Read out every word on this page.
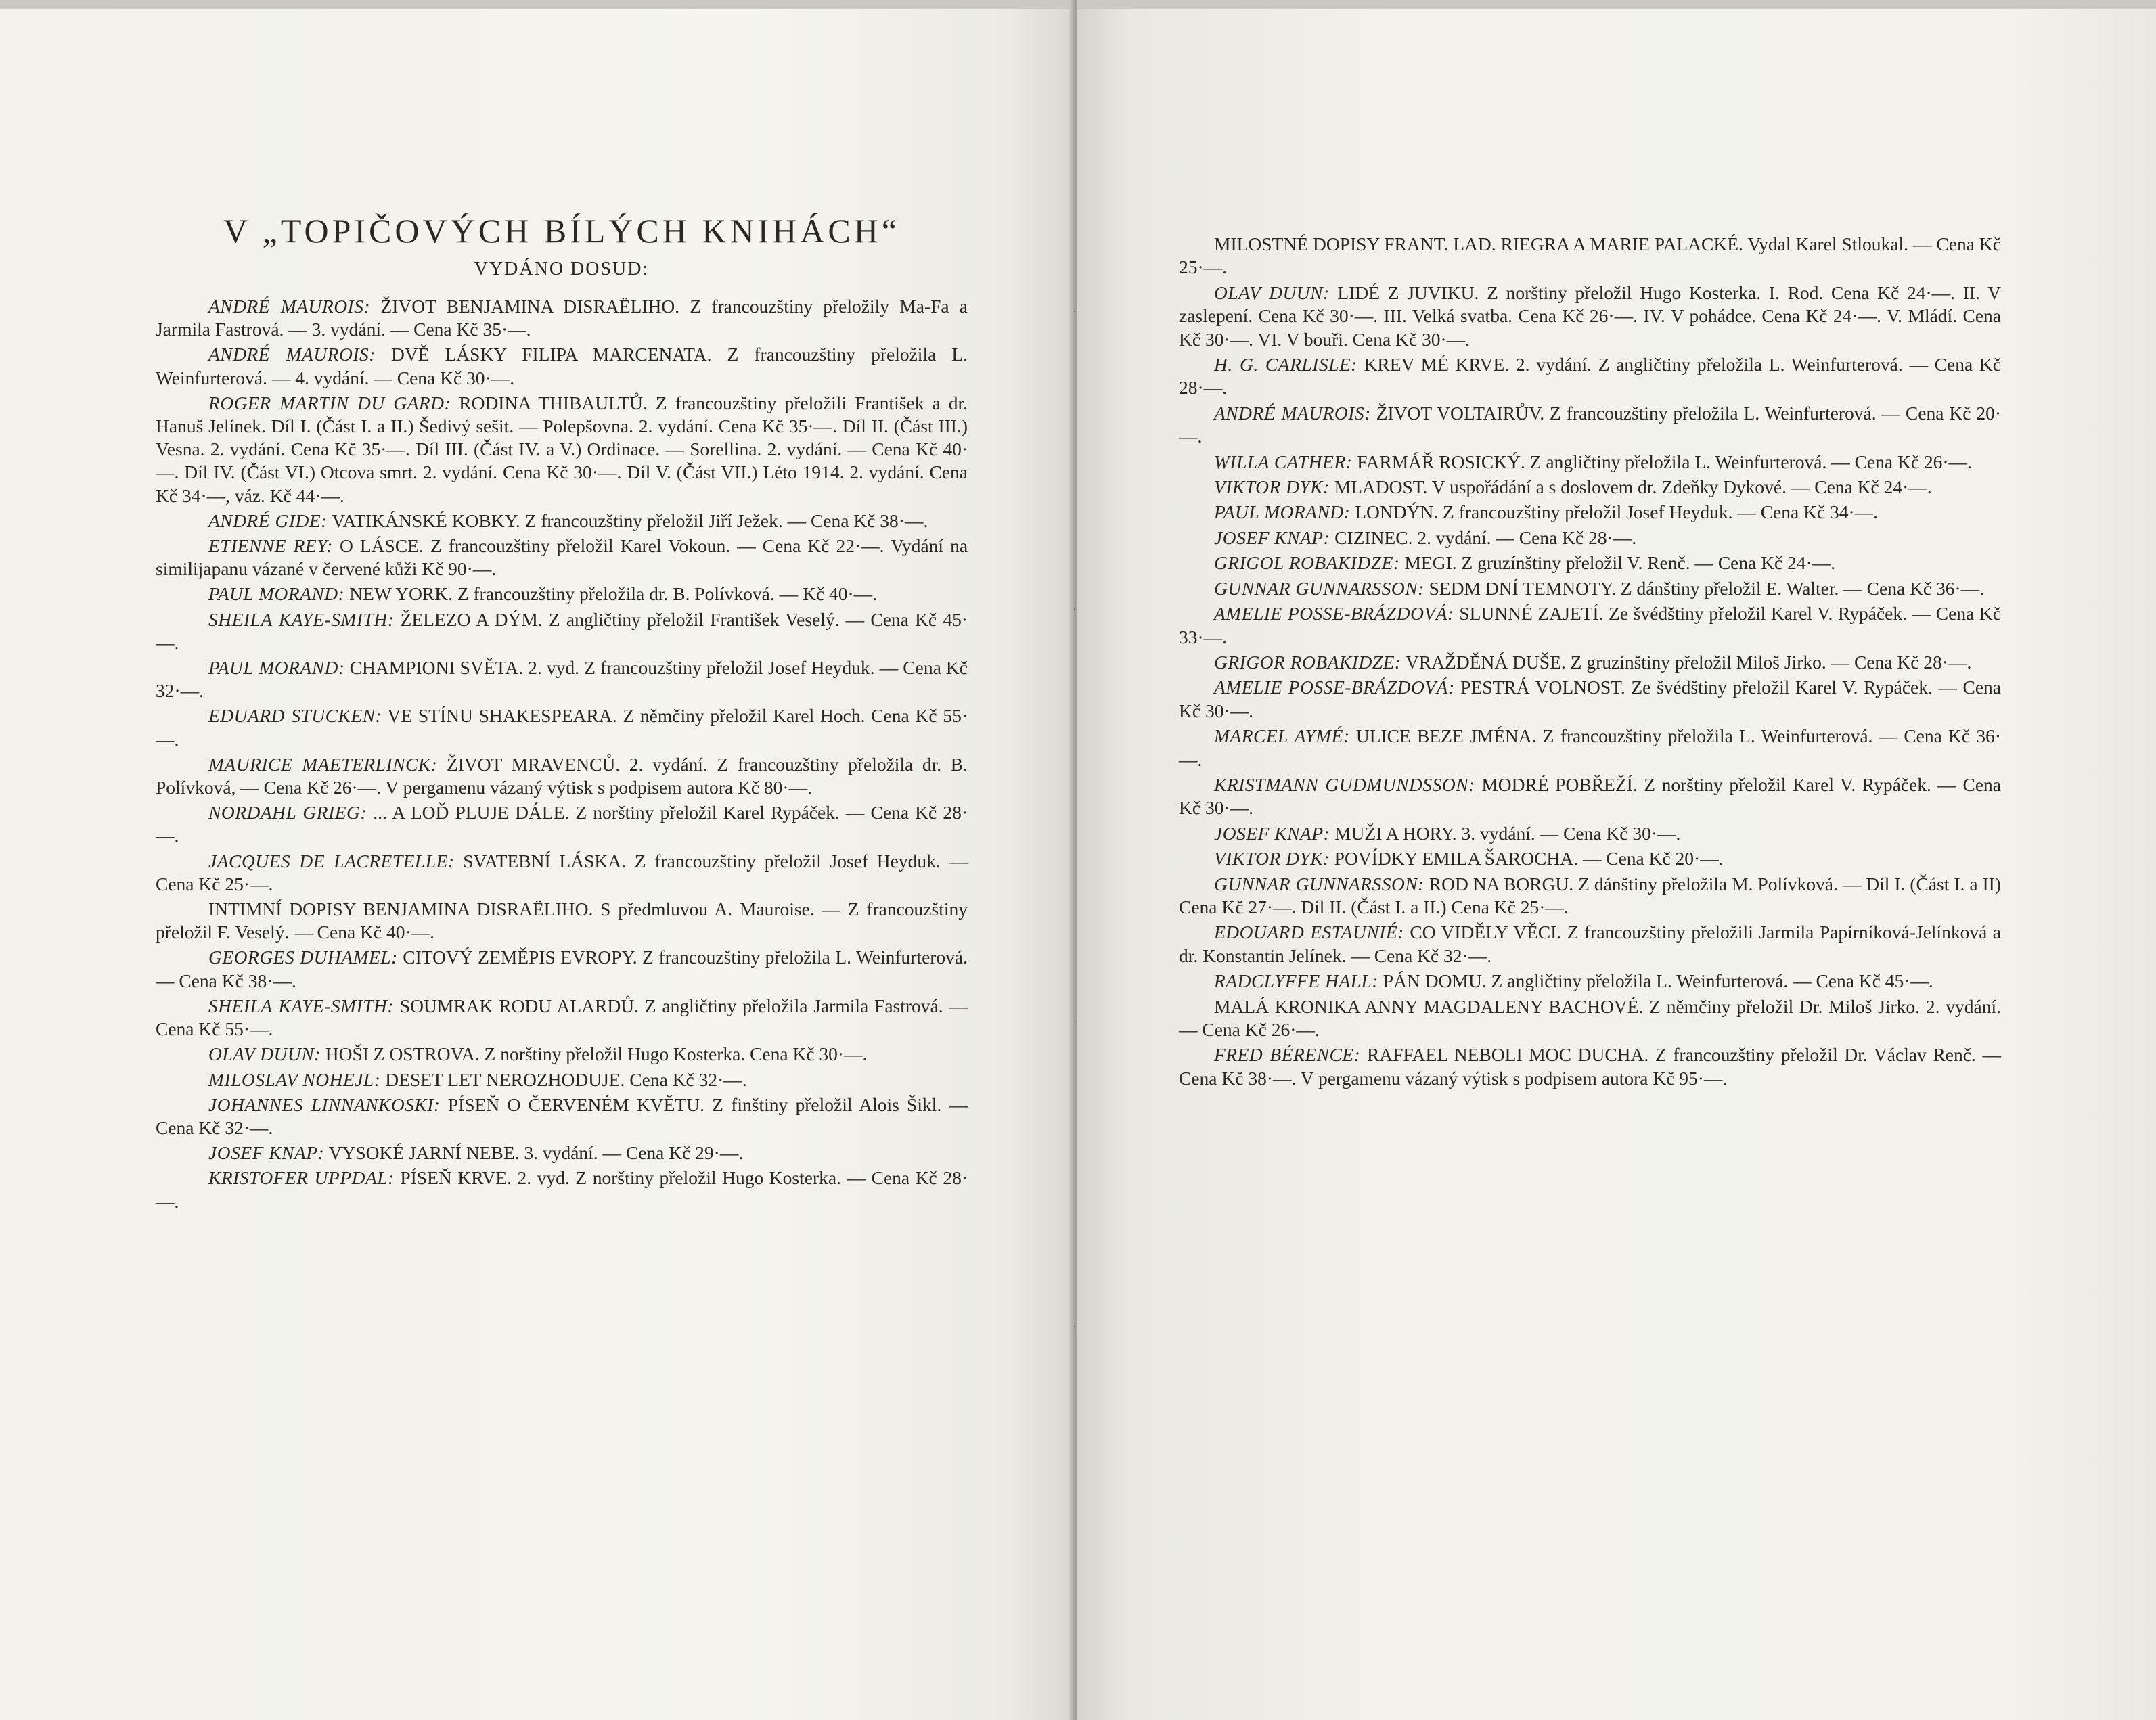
V „TOPIČOVÝCH BÍLÝCH KNIHÁCH“
VYDÁNO DOSUD:

ANDRÉ MAUROIS: ŽIVOT BENJAMINA DISRAËLIHO. Z francouzštiny přeložily Ma-Fa a Jarmila Fastrová. — 3. vydání. — Cena Kč 35·—.

ANDRÉ MAUROIS: DVĚ LÁSKY FILIPA MARCENATA. Z francouzštiny přeložila L. Weinfurterová. — 4. vydání. — Cena Kč 30·—.

ROGER MARTIN DU GARD: RODINA THIBAULTŮ. Z francouzštiny přeložili František a dr. Hanuš Jelínek. Díl I. (Část I. a II.) Šedivý sešit. — Polepšovna. 2. vydání. Cena Kč 35·—. Díl II. (Část III.) Vesna. 2. vydání. Cena Kč 35·—. Díl III. (Část IV. a V.) Ordinace. — Sorellina. 2. vydání. — Cena Kč 40·—. Díl IV. (Část VI.) Otcova smrt. 2. vydání. Cena Kč 30·—. Díl V. (Část VII.) Léto 1914. 2. vydání. Cena Kč 34·—, váz. Kč 44·—.

ANDRÉ GIDE: VATIKÁNSKÉ KOBKY. Z francouzštiny přeložil Jiří Ježek. — Cena Kč 38·—.

ETIENNE REY: O LÁSCE. Z francouzštiny přeložil Karel Vokoun. — Cena Kč 22·—. Vydání na similijapanu vázané v červené kůži Kč 90·—.

PAUL MORAND: NEW YORK. Z francouzštiny přeložila dr. B. Polívková. — Kč 40·—.

SHEILA KAYE-SMITH: ŽELEZO A DÝM. Z angličtiny přeložil František Veselý. — Cena Kč 45·—.

PAUL MORAND: CHAMPIONI SVĚTA. 2. vyd. Z francouzštiny přeložil Josef Heyduk. — Cena Kč 32·—.

EDUARD STUCKEN: VE STÍNU SHAKESPEARA. Z němčiny přeložil Karel Hoch. Cena Kč 55·—.

MAURICE MAETERLINCK: ŽIVOT MRAVENCŮ. 2. vydání. Z francouzštiny přeložila dr. B. Polívková, — Cena Kč 26·—. V pergamenu vázaný výtisk s podpisem autora Kč 80·—.

NORDAHL GRIEG: ... A LOĎ PLUJE DÁLE. Z norštiny přeložil Karel Rypáček. — Cena Kč 28·—.

JACQUES DE LACRETELLE: SVATEBNÍ LÁSKA. Z francouzštiny přeložil Josef Heyduk. — Cena Kč 25·—.

INTIMNÍ DOPISY BENJAMINA DISRAËLIHO. S předmluvou A. Mauroise. — Z francouzštiny přeložil F. Veselý. — Cena Kč 40·—.

GEORGES DUHAMEL: CITOVÝ ZEMĚPIS EVROPY. Z francouzštiny přeložila L. Weinfurterová. — Cena Kč 38·—.

SHEILA KAYE-SMITH: SOUMRAK RODU ALARDŮ. Z angličtiny přeložila Jarmila Fastrová. — Cena Kč 55·—.

OLAV DUUN: HOŠI Z OSTROVA. Z norštiny přeložil Hugo Kosterka. Cena Kč 30·—.

MILOSLAV NOHEJL: DESET LET NEROZHODUJE. Cena Kč 32·—.

JOHANNES LINNANKOSKI: PÍSEŇ O ČERVENÉM KVĚTU. Z finštiny přeložil Alois Šikl. — Cena Kč 32·—.

JOSEF KNAP: VYSOKÉ JARNÍ NEBE. 3. vydání. — Cena Kč 29·—.

KRISTOFER UPPDAL: PÍSEŇ KRVE. 2. vyd. Z norštiny přeložil Hugo Kosterka. — Cena Kč 28·—.

·
·
·
·

MILOSTNÉ DOPISY FRANT. LAD. RIEGRA A MARIE PALACKÉ. Vydal Karel Stloukal. — Cena Kč 25·—.

OLAV DUUN: LIDÉ Z JUVIKU. Z norštiny přeložil Hugo Kosterka. I. Rod. Cena Kč 24·—. II. V zaslepení. Cena Kč 30·—. III. Velká svatba. Cena Kč 26·—. IV. V pohádce. Cena Kč 24·—. V. Mládí. Cena Kč 30·—. VI. V bouři. Cena Kč 30·—.

H. G. CARLISLE: KREV MÉ KRVE. 2. vydání. Z angličtiny přeložila L. Weinfurterová. — Cena Kč 28·—.

ANDRÉ MAUROIS: ŽIVOT VOLTAIRŮV. Z francouzštiny přeložila L. Weinfurterová. — Cena Kč 20·—.

WILLA CATHER: FARMÁŘ ROSICKÝ. Z angličtiny přeložila L. Weinfurterová. — Cena Kč 26·—.

VIKTOR DYK: MLADOST. V uspořádání a s doslovem dr. Zdeňky Dykové. — Cena Kč 24·—.

PAUL MORAND: LONDÝN. Z francouzštiny přeložil Josef Heyduk. — Cena Kč 34·—.

JOSEF KNAP: CIZINEC. 2. vydání. — Cena Kč 28·—.

GRIGOL ROBAKIDZE: MEGI. Z gruzínštiny přeložil V. Renč. — Cena Kč 24·—.

GUNNAR GUNNARSSON: SEDM DNÍ TEMNOTY. Z dánštiny přeložil E. Walter. — Cena Kč 36·—.

AMELIE POSSE-BRÁZDOVÁ: SLUNNÉ ZAJETÍ. Ze švédštiny přeložil Karel V. Rypáček. — Cena Kč 33·—.

GRIGOR ROBAKIDZE: VRAŽDĚNÁ DUŠE. Z gruzínštiny přeložil Miloš Jirko. — Cena Kč 28·—.

AMELIE POSSE-BRÁZDOVÁ: PESTRÁ VOLNOST. Ze švédštiny přeložil Karel V. Rypáček. — Cena Kč 30·—.

MARCEL AYMÉ: ULICE BEZE JMÉNA. Z francouzštiny přeložila L. Weinfurterová. — Cena Kč 36·—.

KRISTMANN GUDMUNDSSON: MODRÉ POBŘEŽÍ. Z norštiny přeložil Karel V. Rypáček. — Cena Kč 30·—.

JOSEF KNAP: MUŽI A HORY. 3. vydání. — Cena Kč 30·—.

VIKTOR DYK: POVÍDKY EMILA ŠAROCHA. — Cena Kč 20·—.

GUNNAR GUNNARSSON: ROD NA BORGU. Z dánštiny přeložila M. Polívková. — Díl I. (Část I. a II) Cena Kč 27·—. Díl II. (Část I. a II.) Cena Kč 25·—.

EDOUARD ESTAUNIÉ: CO VIDĚLY VĚCI. Z francouzštiny přeložili Jarmila Papírníková-Jelínková a dr. Konstantin Jelínek. — Cena Kč 32·—.

RADCLYFFE HALL: PÁN DOMU. Z angličtiny přeložila L. Weinfurterová. — Cena Kč 45·—.

MALÁ KRONIKA ANNY MAGDALENY BACHOVÉ. Z němčiny přeložil Dr. Miloš Jirko. 2. vydání. — Cena Kč 26·—.

FRED BÉRENCE: RAFFAEL NEBOLI MOC DUCHA. Z francouzštiny přeložil Dr. Václav Renč. — Cena Kč 38·—. V pergamenu vázaný výtisk s podpisem autora Kč 95·—.
